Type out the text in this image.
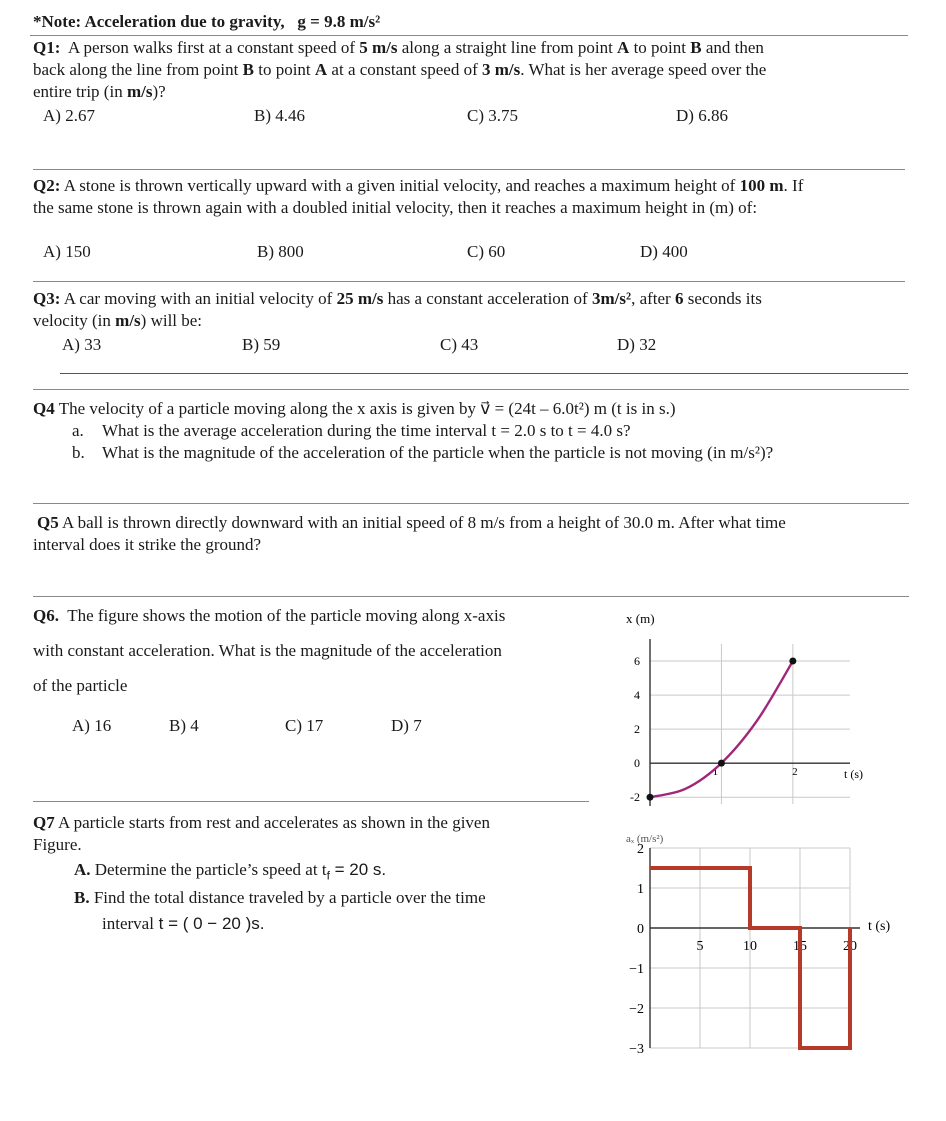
*Note: Acceleration due to gravity, g = 9.8 m/s²
Q1: A person walks first at a constant speed of 5 m/s along a straight line from point A to point B and then
back along the line from point B to point A at a constant speed of 3 m/s. What is her average speed over the
entire trip (in m/s)?
A) 2.67	B) 4.46	C) 3.75	D) 6.86
Q2: A stone is thrown vertically upward with a given initial velocity, and reaches a maximum height of 100 m. If
the same stone is thrown again with a doubled initial velocity, then it reaches a maximum height in (m) of:
A) 150	B) 800	C) 60	D) 400
Q3: A car moving with an initial velocity of 25 m/s has a constant acceleration of 3m/s², after 6 seconds its
velocity (in m/s) will be:
A) 33	B) 59	C) 43	D) 32
Q4 The velocity of a particle moving along the x axis is given by v⃗ = (24t – 6.0t²) m (t is in s.)
a. What is the average acceleration during the time interval t = 2.0 s to t = 4.0 s?
b. What is the magnitude of the acceleration of the particle when the particle is not moving (in m/s²)?
Q5 A ball is thrown directly downward with an initial speed of 8 m/s from a height of 30.0 m. After what time
interval does it strike the ground?
Q6. The figure shows the motion of the particle moving along x-axis
with constant acceleration. What is the magnitude of the acceleration
of the particle
A) 16	B) 4	C) 17	D) 7
Q7 A particle starts from rest and accelerates as shown in the given
Figure.
A. Determine the particle’s speed at $t_f = 20$ s.
B. Find the total distance traveled by a particle over the time
interval t = ( 0 − 20 )s.
x (m)
t (s)
6
4
2
0
-2
1	2
aₓ (m/s²)
t (s)
2
1
0
−1
−2
−3
5	10	15	20
